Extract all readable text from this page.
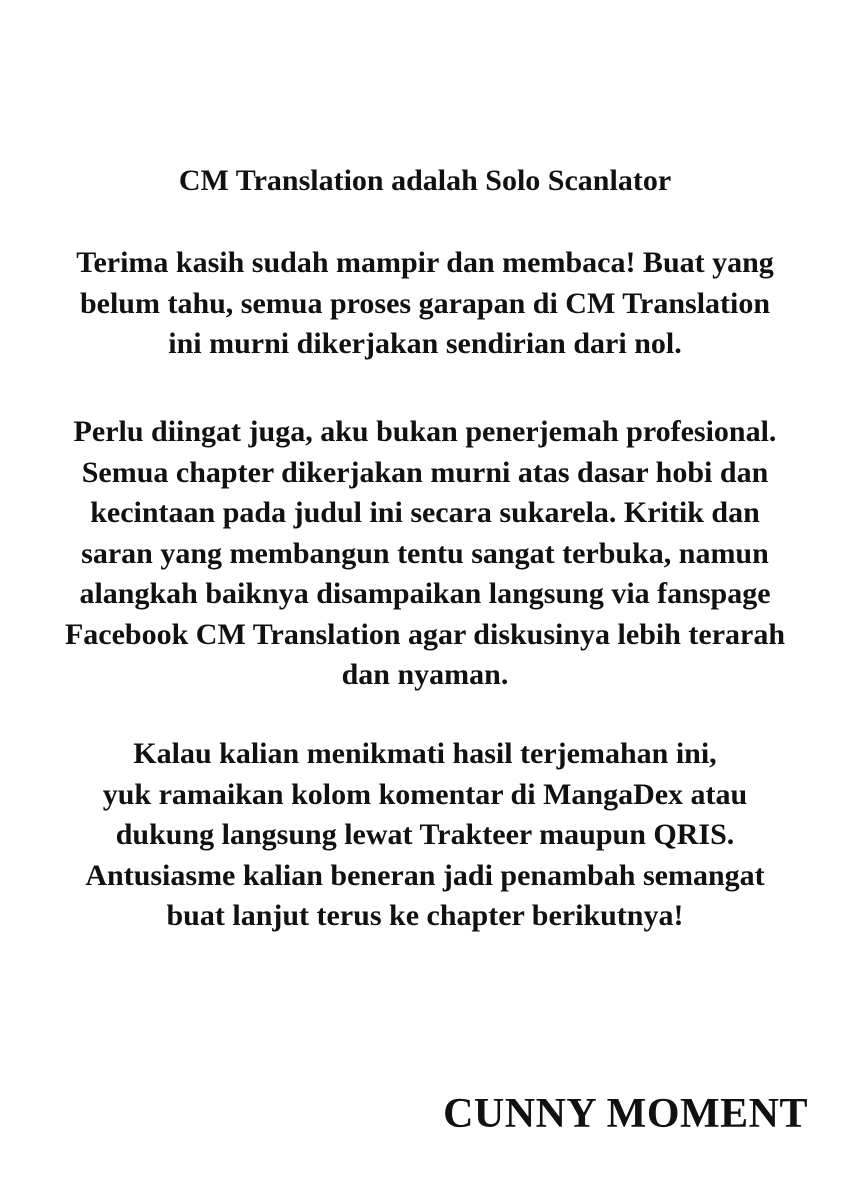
CM Translation adalah Solo Scanlator
Terima kasih sudah mampir dan membaca! Buat yang
belum tahu, semua proses garapan di CM Translation
ini murni dikerjakan sendirian dari nol.
Perlu diingat juga, aku bukan penerjemah profesional.
Semua chapter dikerjakan murni atas dasar hobi dan
kecintaan pada judul ini secara sukarela. Kritik dan
saran yang membangun tentu sangat terbuka, namun
alangkah baiknya disampaikan langsung via fanspage
Facebook CM Translation agar diskusinya lebih terarah
dan nyaman.
Kalau kalian menikmati hasil terjemahan ini,
yuk ramaikan kolom komentar di MangaDex atau
dukung langsung lewat Trakteer maupun QRIS.
Antusiasme kalian beneran jadi penambah semangat
buat lanjut terus ke chapter berikutnya!
CUNNY MOMENT
